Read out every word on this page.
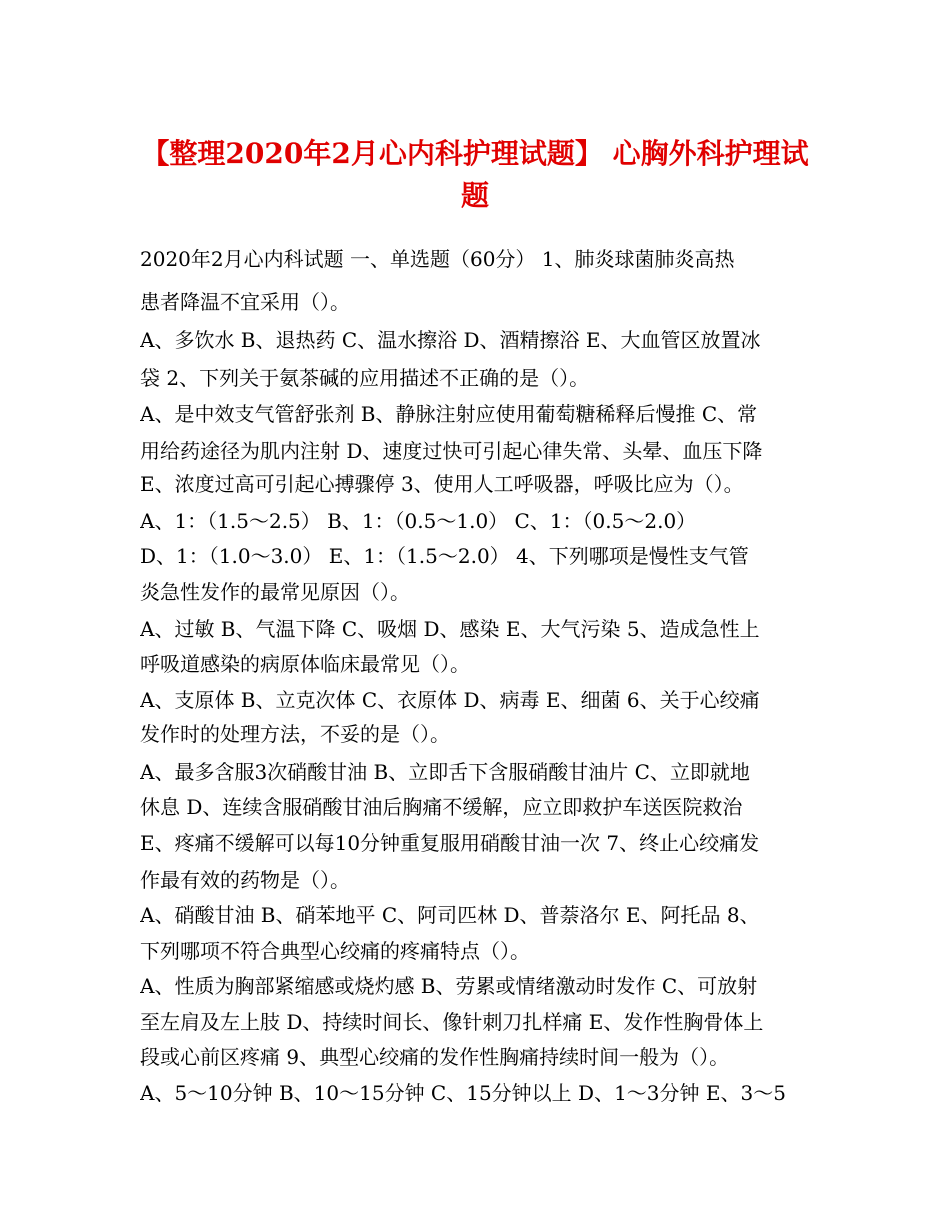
【整理2020年2月心内科护理试题】 心胸外科护理试
题
2020年2月心内科试题 一、单选题（60分） 1、肺炎球菌肺炎高热
患者降温不宜采用（）。
A、多饮水 B、退热药 C、温水擦浴 D、酒精擦浴 E、大血管区放置冰
袋 2、下列关于氨茶碱的应用描述不正确的是（）。
A、是中效支气管舒张剂 B、静脉注射应使用葡萄糖稀释后慢推 C、常
用给药途径为肌内注射 D、速度过快可引起心律失常、头晕、血压下降
E、浓度过高可引起心搏骤停 3、使用人工呼吸器，呼吸比应为（）。
A、1：（1.5～2.5） B、1：（0.5～1.0） C、1：（0.5～2.0）
D、1：（1.0～3.0） E、1：（1.5～2.0） 4、下列哪项是慢性支气管
炎急性发作的最常见原因（）。
A、过敏 B、气温下降 C、吸烟 D、感染 E、大气污染 5、造成急性上
呼吸道感染的病原体临床最常见（）。
A、支原体 B、立克次体 C、衣原体 D、病毒 E、细菌 6、关于心绞痛
发作时的处理方法，不妥的是（）。
A、最多含服3次硝酸甘油 B、立即舌下含服硝酸甘油片 C、立即就地
休息 D、连续含服硝酸甘油后胸痛不缓解，应立即救护车送医院救治
E、疼痛不缓解可以每10分钟重复服用硝酸甘油一次 7、终止心绞痛发
作最有效的药物是（）。
A、硝酸甘油 B、硝苯地平 C、阿司匹林 D、普萘洛尔 E、阿托品 8、
下列哪项不符合典型心绞痛的疼痛特点（）。
A、性质为胸部紧缩感或烧灼感 B、劳累或情绪激动时发作 C、可放射
至左肩及左上肢 D、持续时间长、像针刺刀扎样痛 E、发作性胸骨体上
段或心前区疼痛 9、典型心绞痛的发作性胸痛持续时间一般为（）。
A、5～10分钟 B、10～15分钟 C、15分钟以上 D、1～3分钟 E、3～5
